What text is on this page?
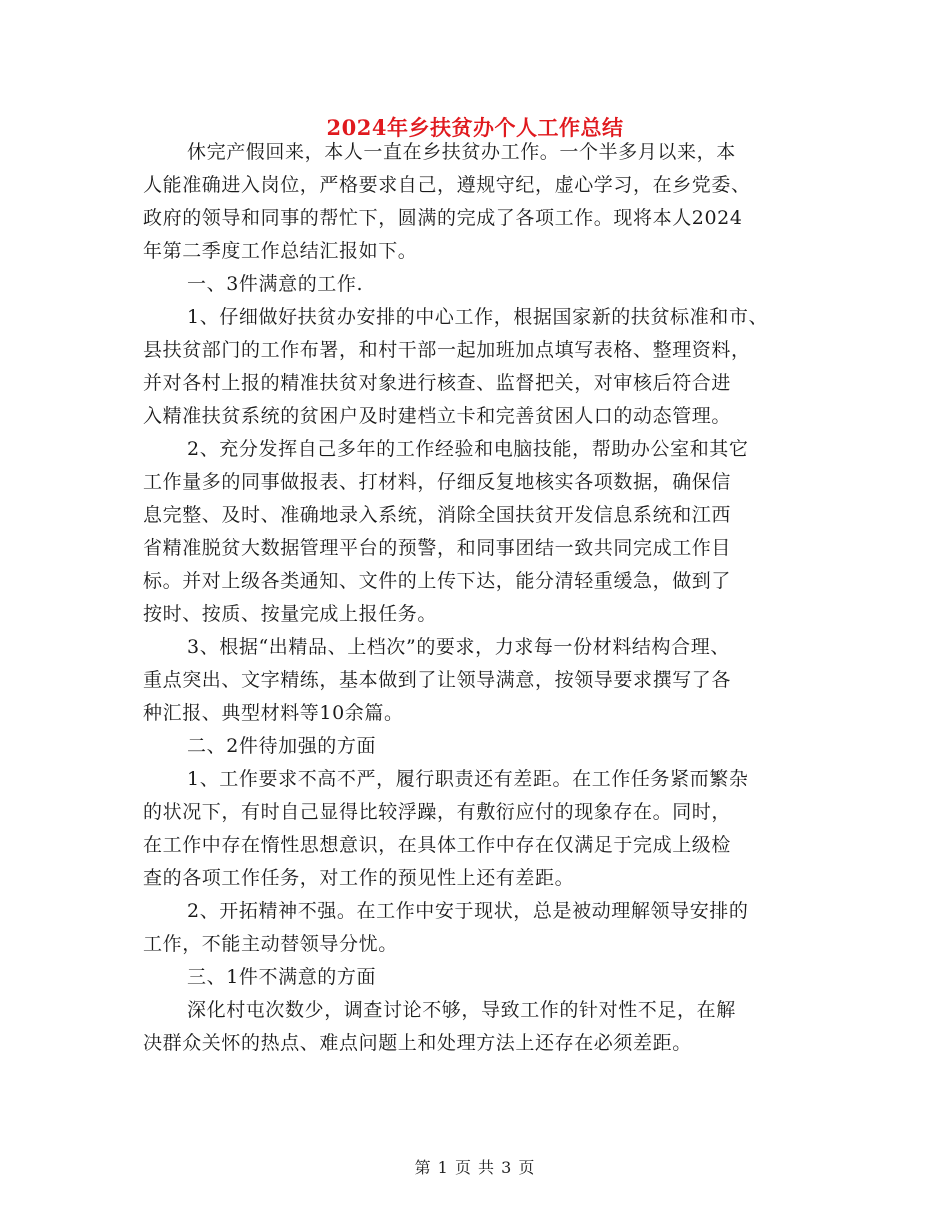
2024年乡扶贫办个人工作总结
休完产假回来，本人一直在乡扶贫办工作。一个半多月以来，本
人能准确进入岗位，严格要求自己，遵规守纪，虚心学习，在乡党委、
政府的领导和同事的帮忙下，圆满的完成了各项工作。现将本人2024
年第二季度工作总结汇报如下。
一、3件满意的工作.
1、仔细做好扶贫办安排的中心工作，根据国家新的扶贫标准和市、
县扶贫部门的工作布署，和村干部一起加班加点填写表格、整理资料，
并对各村上报的精准扶贫对象进行核查、监督把关，对审核后符合进
入精准扶贫系统的贫困户及时建档立卡和完善贫困人口的动态管理。
2、充分发挥自己多年的工作经验和电脑技能，帮助办公室和其它
工作量多的同事做报表、打材料，仔细反复地核实各项数据，确保信
息完整、及时、准确地录入系统，消除全国扶贫开发信息系统和江西
省精准脱贫大数据管理平台的预警，和同事团结一致共同完成工作目
标。并对上级各类通知、文件的上传下达，能分清轻重缓急，做到了
按时、按质、按量完成上报任务。
3、根据“出精品、上档次”的要求，力求每一份材料结构合理、
重点突出、文字精练，基本做到了让领导满意，按领导要求撰写了各
种汇报、典型材料等10余篇。
二、2件待加强的方面
1、工作要求不高不严，履行职责还有差距。在工作任务紧而繁杂
的状况下，有时自己显得比较浮躁，有敷衍应付的现象存在。同时，
在工作中存在惰性思想意识，在具体工作中存在仅满足于完成上级检
查的各项工作任务，对工作的预见性上还有差距。
2、开拓精神不强。在工作中安于现状，总是被动理解领导安排的
工作，不能主动替领导分忧。
三、1件不满意的方面
深化村屯次数少，调查讨论不够，导致工作的针对性不足，在解
决群众关怀的热点、难点问题上和处理方法上还存在必须差距。
第 1 页 共 3 页
